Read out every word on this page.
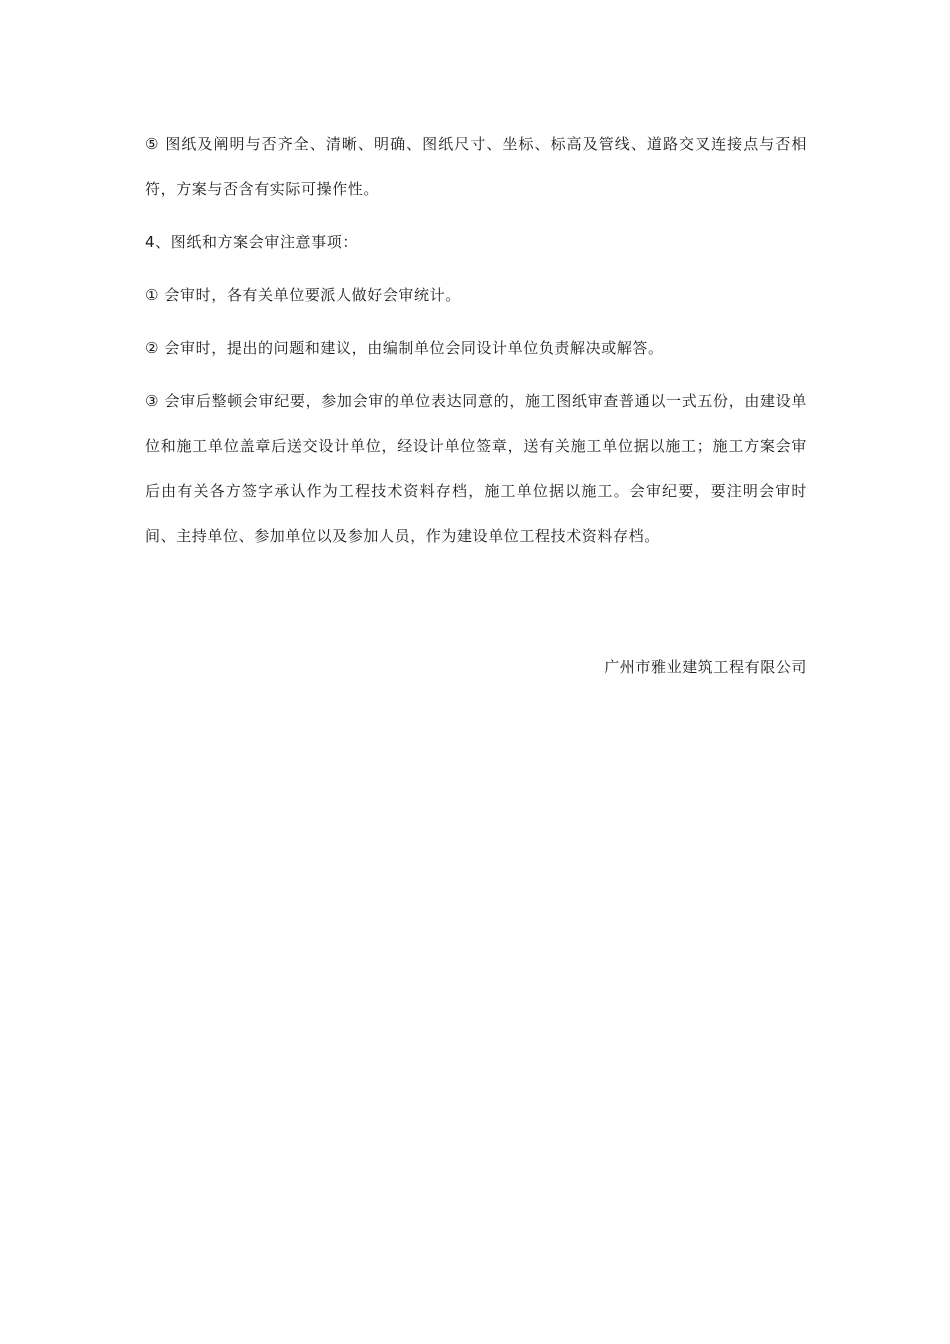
⑤ 图纸及阐明与否齐全、清晰、明确、图纸尺寸、坐标、标高及管线、道路交叉连接点与否相符，方案与否含有实际可操作性。

4、图纸和方案会审注意事项：

① 会审时，各有关单位要派人做好会审统计。

② 会审时，提出的问题和建议，由编制单位会同设计单位负责解决或解答。

③ 会审后整顿会审纪要，参加会审的单位表达同意的，施工图纸审查普通以一式五份，由建设单位和施工单位盖章后送交设计单位，经设计单位签章，送有关施工单位据以施工；施工方案会审后由有关各方签字承认作为工程技术资料存档，施工单位据以施工。会审纪要，要注明会审时间、主持单位、参加单位以及参加人员，作为建设单位工程技术资料存档。

广州市雅业建筑工程有限公司
